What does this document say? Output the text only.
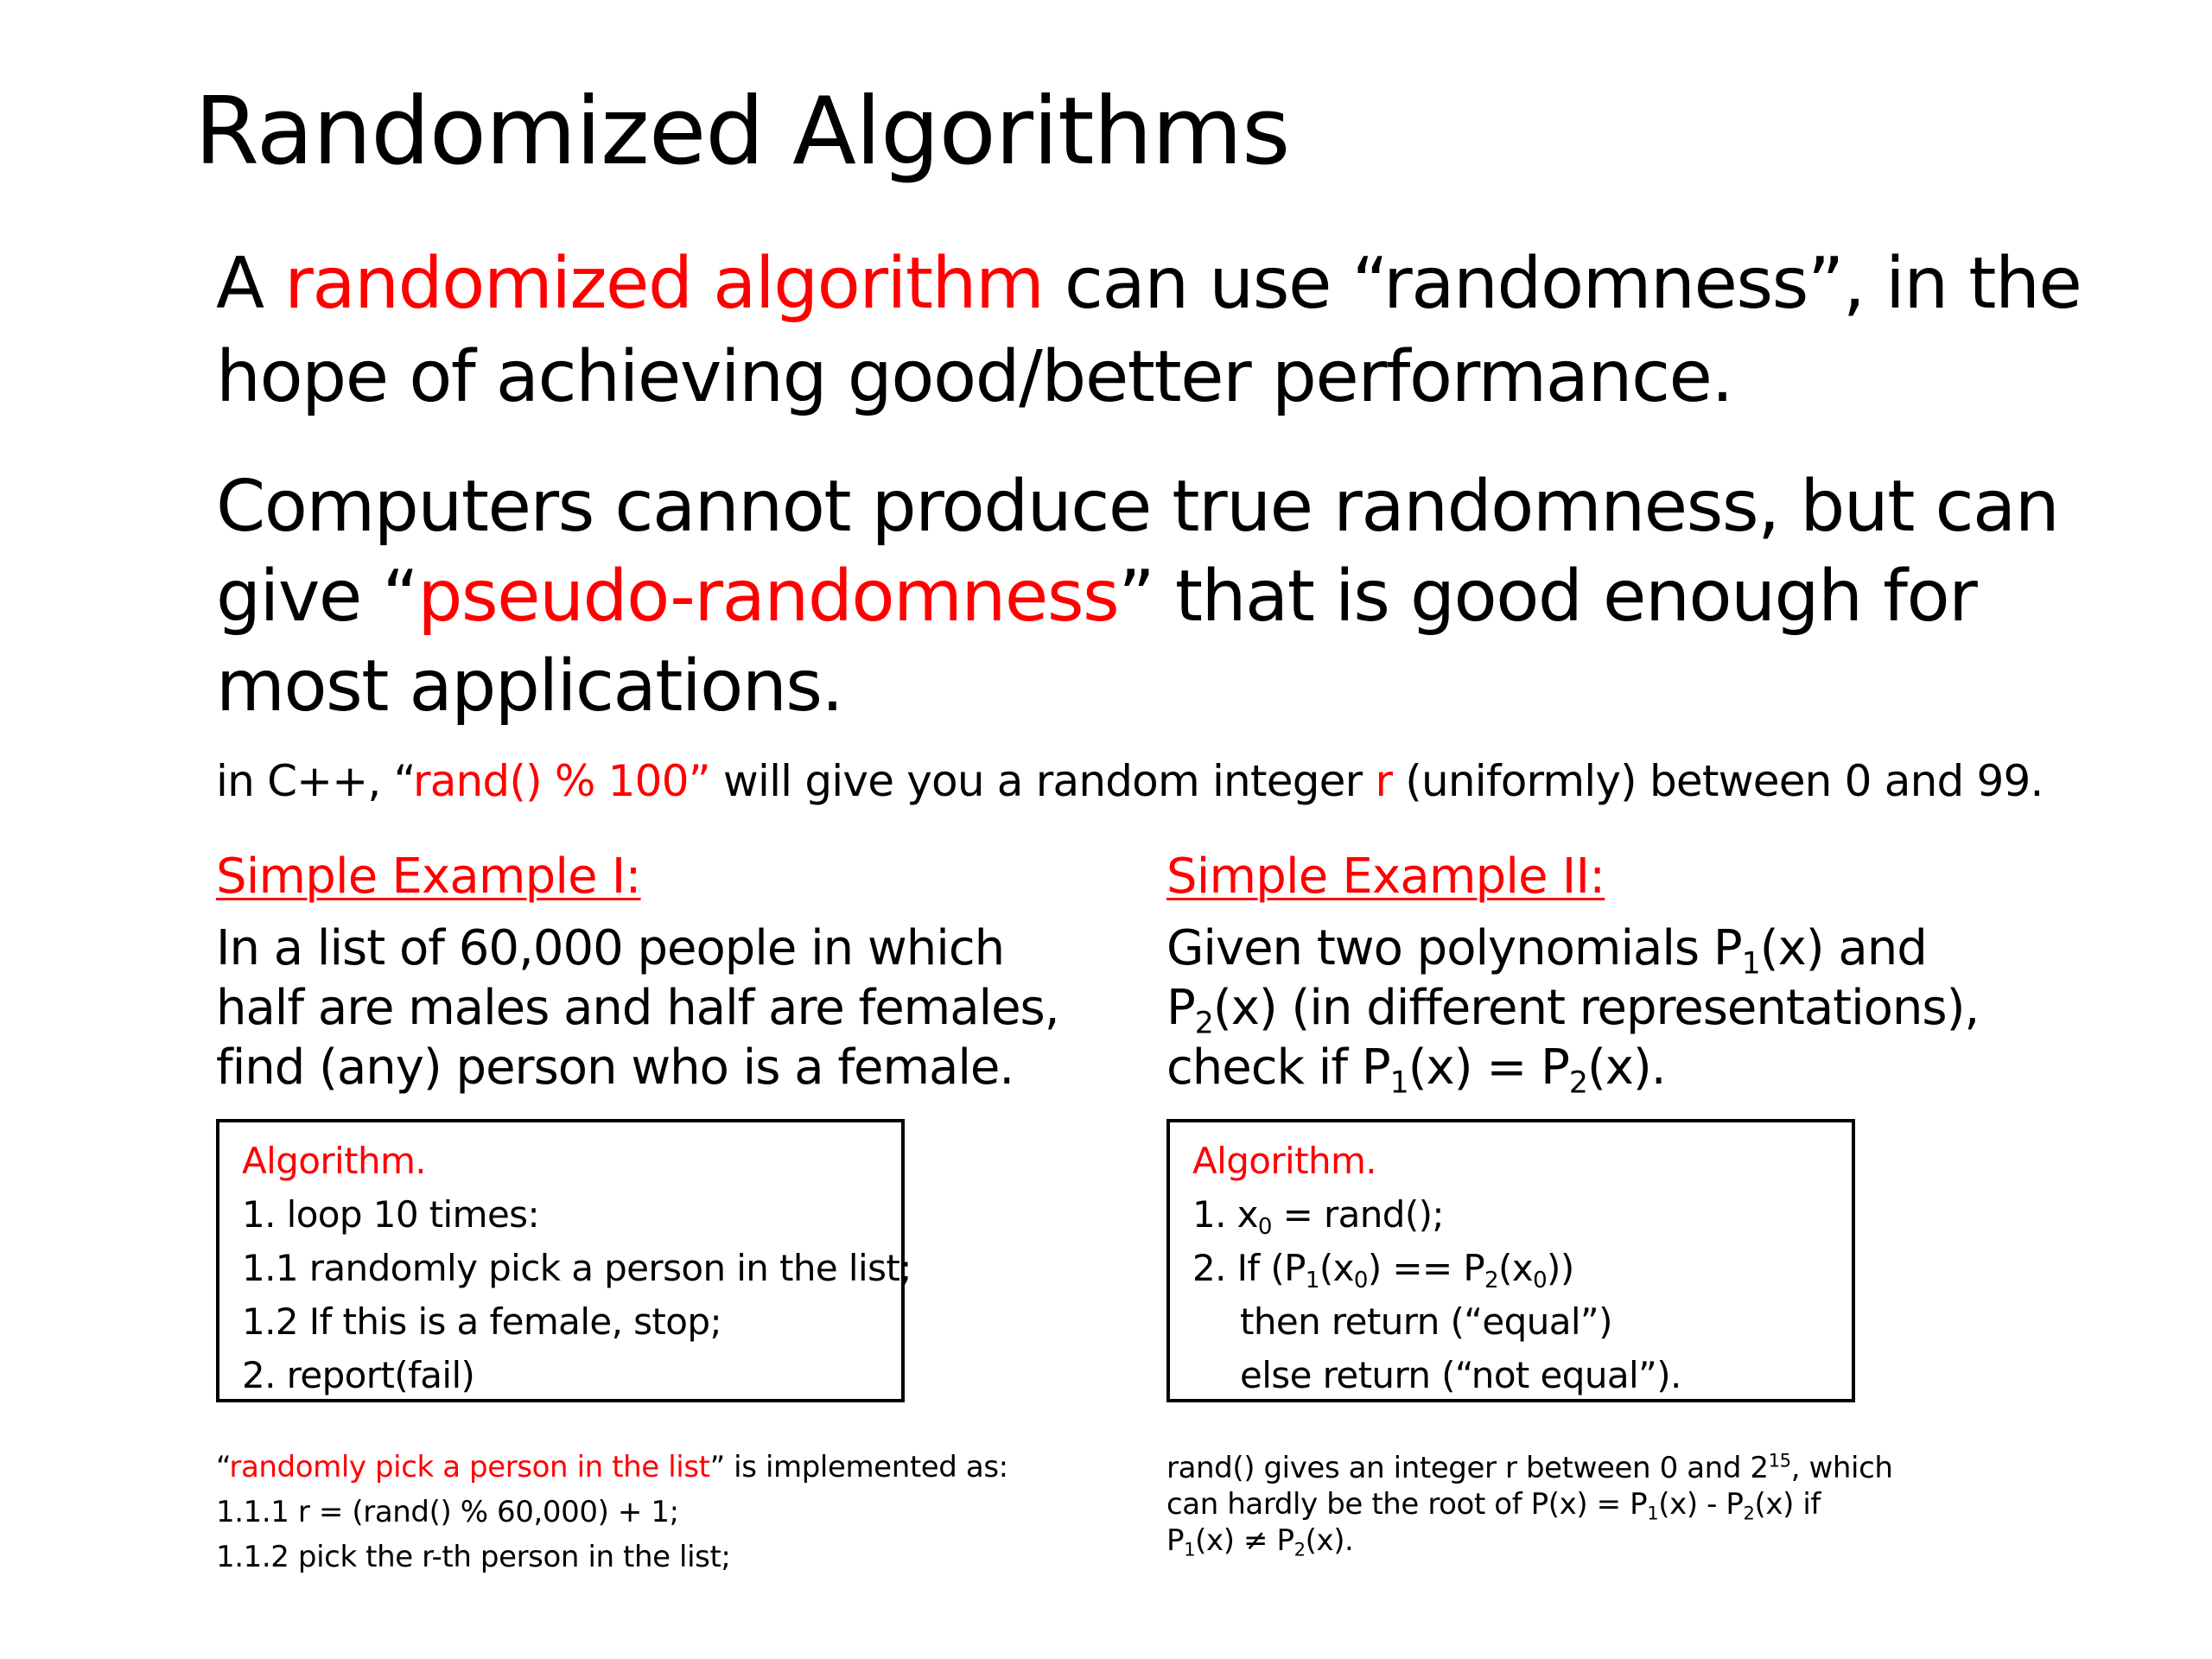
Randomized Algorithms
A randomized algorithm can use “randomness”, in the
hope of achieving good/better performance.
Computers cannot produce true randomness, but can
give “pseudo-randomness” that is good enough for
most applications.
in C++, “rand() % 100” will give you a random integer r (uniformly) between 0 and 99.
Simple Example I:
In a list of 60,000 people in which
half are males and half are females,
find (any) person who is a female.
Algorithm.
1. loop 10 times:
1.1 randomly pick a person in the list;
1.2 If this is a female, stop;
2. report(fail)
“randomly pick a person in the list” is implemented as:
1.1.1 r = (rand() % 60,000) + 1;
1.1.2 pick the r-th person in the list;
Simple Example II:
Given two polynomials $P_1(x)$ and
$P_2(x)$ (in different representations),
check if $P_1(x) = P_2(x)$.
Algorithm.
1. $x_0$ = rand();
2. If $(P_1(x_0) == P_2(x_0))$
then return (“equal”)
else return (“not equal”).
rand() gives an integer r between 0 and $2^{15}$, which
can hardly be the root of $P(x) = P_1(x) - P_2(x)$ if
$P_1(x) \ne P_2(x)$.
